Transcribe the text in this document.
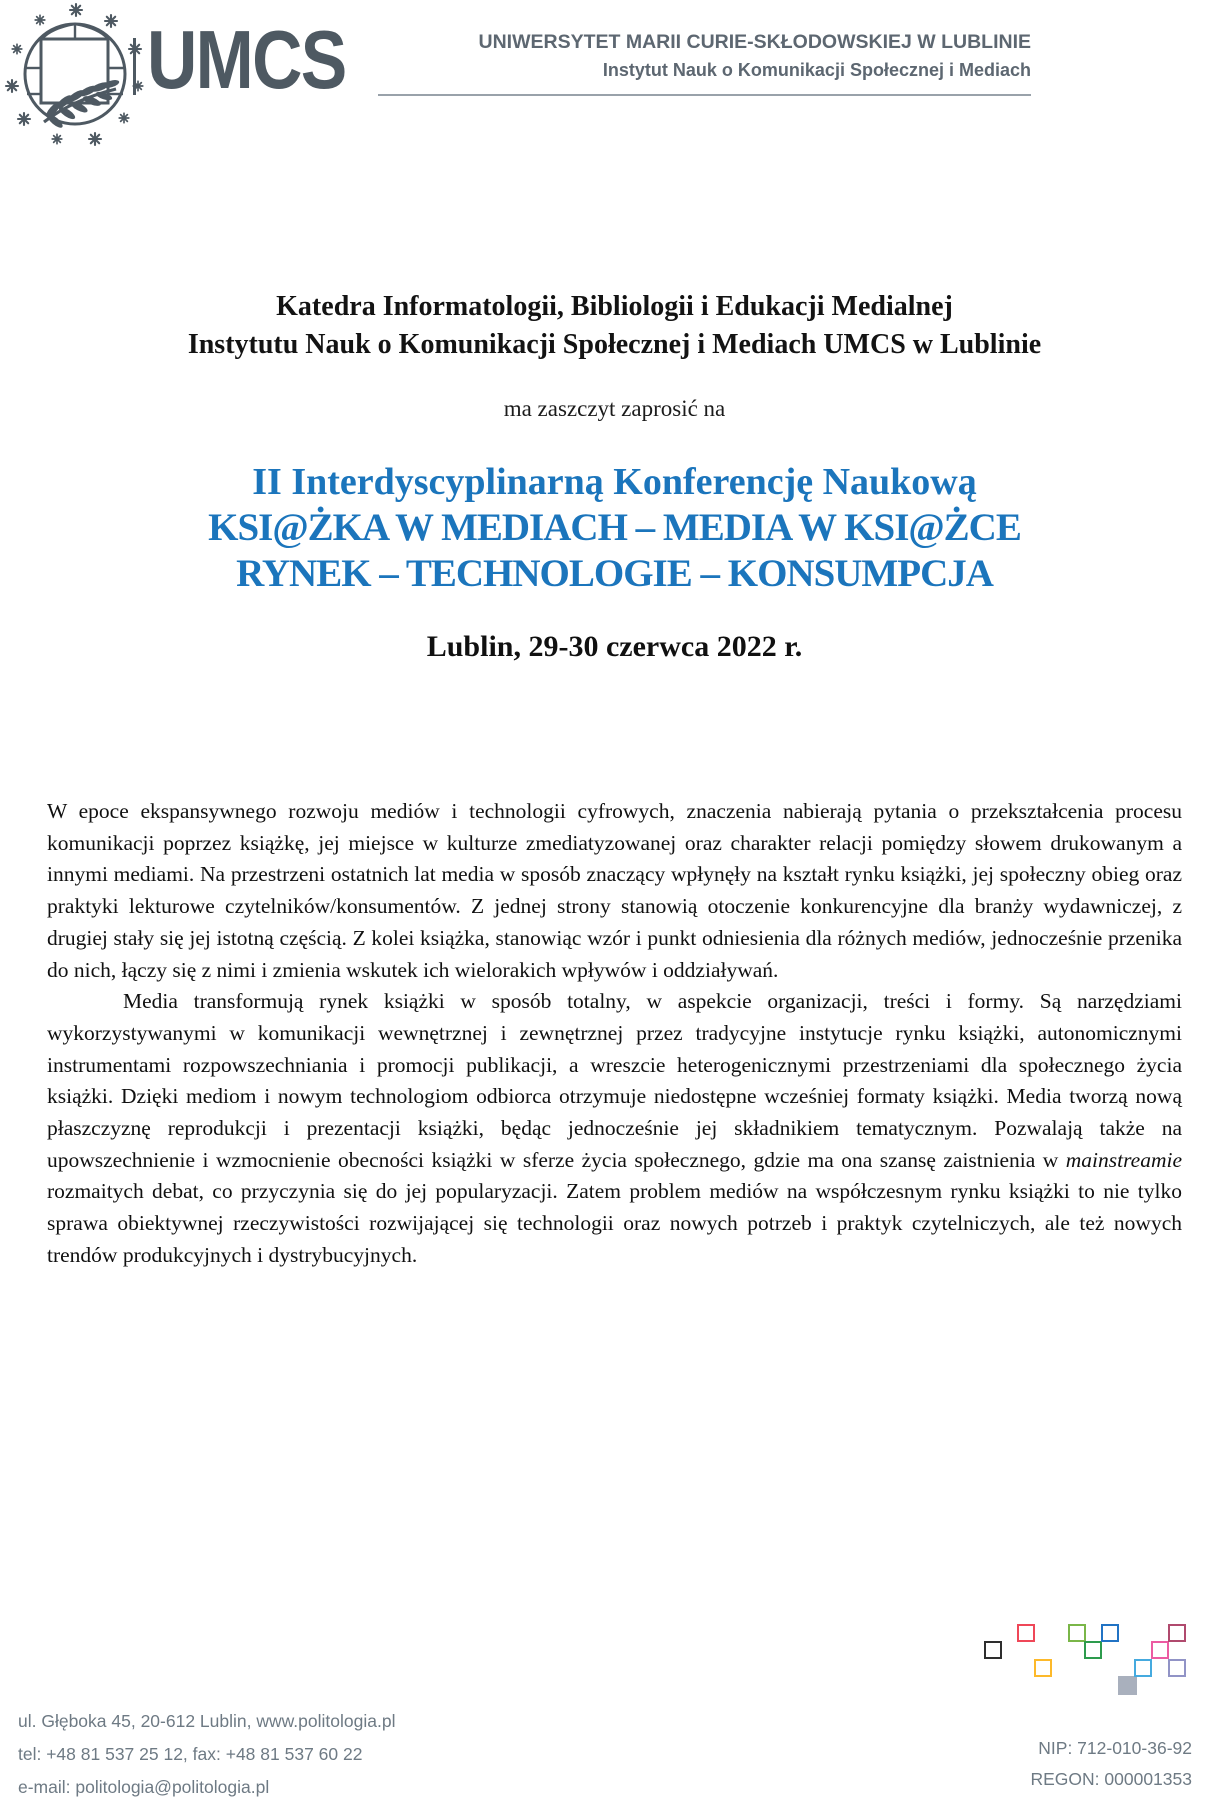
UMCS	UNIWERSYTET MARII CURIE-SKŁODOWSKIEJ W LUBLINIE
Instytut Nauk o Komunikacji Społecznej i Mediach
Katedra Informatologii, Bibliologii i Edukacji Medialnej
Instytutu Nauk o Komunikacji Społecznej i Mediach UMCS w Lublinie
ma zaszczyt zaprosić na
II Interdyscyplinarną Konferencję Naukową
KSI@ŻKA W MEDIACH – MEDIA W KSI@ŻCE
RYNEK – TECHNOLOGIE – KONSUMPCJA
Lublin, 29-30 czerwca 2022 r.

W epoce ekspansywnego rozwoju mediów i technologii cyfrowych, znaczenia nabierają pytania o przekształcenia procesu komunikacji poprzez książkę, jej miejsce w kulturze zmediatyzowanej oraz charakter relacji pomiędzy słowem drukowanym a innymi mediami. Na przestrzeni ostatnich lat media w sposób znaczący wpłynęły na kształt rynku książki, jej społeczny obieg oraz praktyki lekturowe czytelników/konsumentów. Z jednej strony stanowią otoczenie konkurencyjne dla branży wydawniczej, z drugiej stały się jej istotną częścią. Z kolei książka, stanowiąc wzór i punkt odniesienia dla różnych mediów, jednocześnie przenika do nich, łączy się z nimi i zmienia wskutek ich wielorakich wpływów i oddziaływań.

Media transformują rynek książki w sposób totalny, w aspekcie organizacji, treści i formy. Są narzędziami wykorzystywanymi w komunikacji wewnętrznej i zewnętrznej przez tradycyjne instytucje rynku książki, autonomicznymi instrumentami rozpowszechniania i promocji publikacji, a wreszcie heterogenicznymi przestrzeniami dla społecznego życia książki. Dzięki mediom i nowym technologiom odbiorca otrzymuje niedostępne wcześniej formaty książki. Media tworzą nową płaszczyznę reprodukcji i prezentacji książki, będąc jednocześnie jej składnikiem tematycznym. Pozwalają także na upowszechnienie i wzmocnienie obecności książki w sferze życia społecznego, gdzie ma ona szansę zaistnienia w mainstreamie rozmaitych debat, co przyczynia się do jej popularyzacji. Zatem problem mediów na współczesnym rynku książki to nie tylko sprawa obiektywnej rzeczywistości rozwijającej się technologii oraz nowych potrzeb i praktyk czytelniczych, ale też nowych trendów produkcyjnych i dystrybucyjnych.

ul. Głęboka 45, 20-612 Lublin, www.politologia.pl
tel: +48 81 537 25 12, fax: +48 81 537 60 22
e-mail: politologia@politologia.pl
NIP: 712-010-36-92
REGON: 000001353
